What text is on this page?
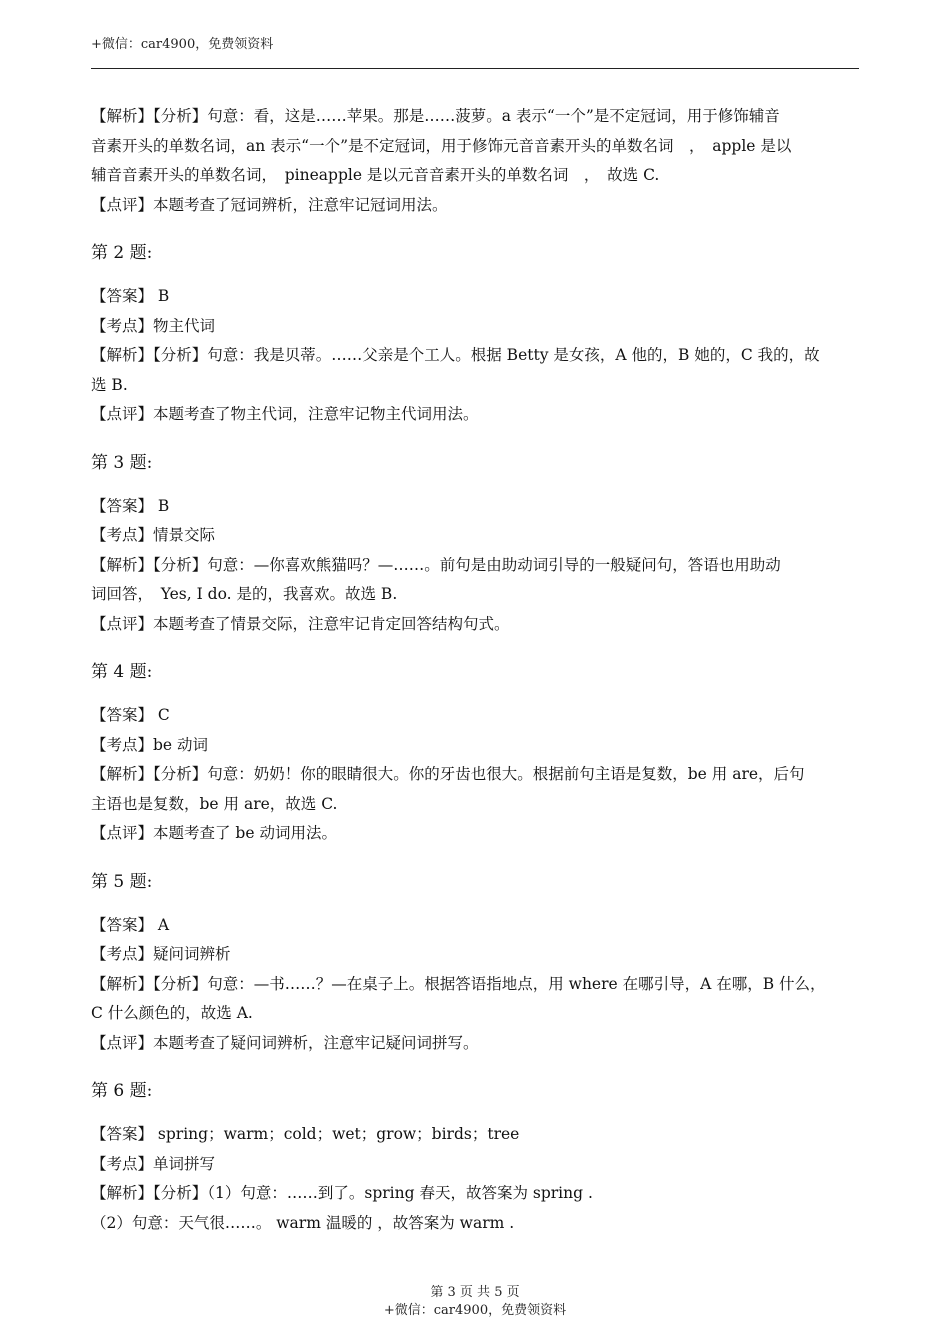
+微信：car4900，免费领资料
【解析】【分析】句意：看，这是……苹果。那是……菠萝。a 表示“一个”是不定冠词，用于修饰辅音
音素开头的单数名词，an 表示“一个”是不定冠词，用于修饰元音音素开头的单数名词　，　apple 是以
辅音音素开头的单数名词，　pineapple 是以元音音素开头的单数名词　，　故选 C.
【点评】本题考查了冠词辨析，注意牢记冠词用法。
第 2 题:
【答案】 B
【考点】物主代词
【解析】【分析】句意：我是贝蒂。……父亲是个工人。根据 Betty 是女孩，A 他的，B 她的，C 我的，故
选 B.
【点评】本题考查了物主代词，注意牢记物主代词用法。
第 3 题:
【答案】 B
【考点】情景交际
【解析】【分析】句意：—你喜欢熊猫吗？—……。前句是由助动词引导的一般疑问句，答语也用助动
词回答，　Yes, I do. 是的，我喜欢。故选 B.
【点评】本题考查了情景交际，注意牢记肯定回答结构句式。
第 4 题:
【答案】 C
【考点】be 动词
【解析】【分析】句意：奶奶！你的眼睛很大。你的牙齿也很大。根据前句主语是复数，be 用 are，后句
主语也是复数，be 用 are，故选 C.
【点评】本题考查了 be 动词用法。
第 5 题:
【答案】 A
【考点】疑问词辨析
【解析】【分析】句意：—书……？—在桌子上。根据答语指地点，用 where 在哪引导，A 在哪，B 什么，
C 什么颜色的，故选 A.
【点评】本题考查了疑问词辨析，注意牢记疑问词拼写。
第 6 题:
【答案】 spring；warm；cold；wet；grow；birds；tree
【考点】单词拼写
【解析】【分析】（1）句意：……到了。spring 春天，故答案为 spring .
（2）句意：天气很……。 warm 温暖的 ，故答案为 warm .
第 3 页 共 5 页
+微信：car4900，免费领资料
